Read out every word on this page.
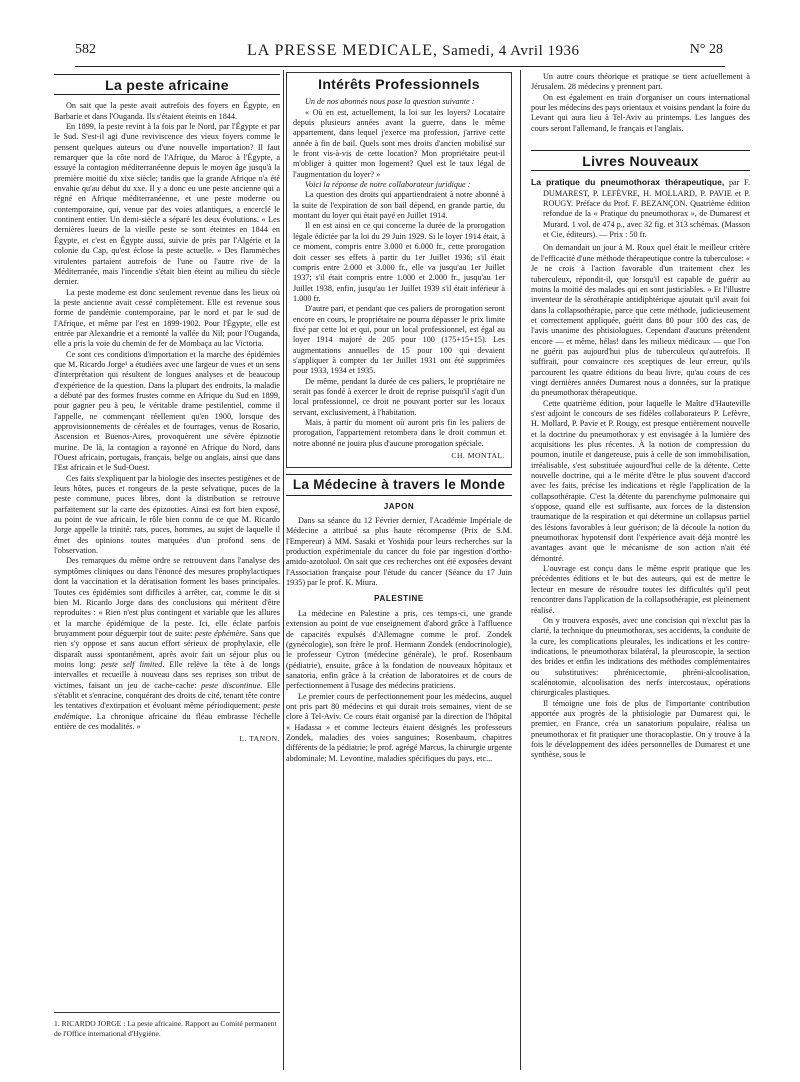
582	LA PRESSE MEDICALE, Samedi, 4 Avril 1936	N° 28
La peste africaine

On sait que la peste avait autrefois des foyers en Égypte, en Barbarie et dans l'Ouganda. Ils s'étaient éteints en 1844.

En 1899, la peste revint à la fois par le Nord, par l'Égypte et par le Sud. S'est-il agi d'une reviviscence des vieux foyers comme le pensent quelques auteurs ou d'une nouvelle importation? Il faut remarquer que la côte nord de l'Afrique, du Maroc à l'Égypte, a essuyé la contagion méditerranéenne depuis le moyen âge jusqu'à la première moitié du xixe siècle; tandis que la grande Afrique n'a été envahie qu'au début du xxe. Il y a donc eu une peste ancienne qui a régné en Afrique méditerranéenne, et une peste moderne ou contemporaine, qui, venue par des voies atlantiques, a encerclé le continent entier. Un demi-siècle a séparé les deux évolutions. « Les dernières lueurs de la vieille peste se sont éteintes en 1844 en Égypte, et c'est en Égypte aussi, suivie de près par l'Algérie et la colonie du Cap, qu'est éclose la peste actuelle. » Des flammèches virulentes partaient autrefois de l'une ou l'autre rive de la Méditerranée, mais l'incendie s'était bien éteint au milieu du siècle dernier.

La peste moderne est donc seulement revenue dans les lieux où la peste ancienne avait cessé complètement. Elle est revenue sous forme de pandémie contemporaine, par le nord et par le sud de l'Afrique, et même par l'est en 1899-1902. Pour l'Égypte, elle est entrée par Alexandrie et a remonté la vallée du Nil; pour l'Ouganda, elle a pris la voie du chemin de fer de Mombaça au lac Victoria.

Ce sont ces conditions d'importation et la marche des épidémies que M. Ricardo Jorge¹ a étudiées avec une largeur de vues et un sens d'interprétation qui résultent de longues analyses et de beaucoup d'expérience de la question. Dans la plupart des endroits, la maladie a débuté par des formes frustes comme en Afrique du Sud en 1899, pour gagner peu à peu, le véritable drame pestilentiel, comme il l'appelle, ne commençant réellement qu'en 1900, lorsque des approvisionnements de céréales et de fourrages, venus de Rosario, Ascension et Buenos-Aires, provoquèrent une sévère épizootie murine. De là, la contagion a rayonné en Afrique du Nord, dans l'Ouest africain, portugais, français, belge ou anglais, ainsi que dans l'Est africain et le Sud-Ouest.

Ces faits s'expliquent par la biologie des insectes pestigènes et de leurs hôtes, puces et rongeurs de la peste selvatique, puces de la peste commune, puces libres, dont la distribution se retrouve parfaitement sur la carte des épizooties. Ainsi est fort bien exposé, au point de vue africain, le rôle bien connu de ce que M. Ricardo Jorge appelle la trinité: rats, puces, hommes, au sujet de laquelle il émet des opinions toutes marquées d'un profond sens de l'observation.

Des remarques du même ordre se retrouvent dans l'analyse des symptômes cliniques ou dans l'énoncé des mesures prophylactiques dont la vaccination et la dératisation forment les bases principales. Toutes ces épidémies sont difficiles à arrêter, car, comme le dit si bien M. Ricardo Jorge dans des conclusions qui méritent d'être reproduites : « Rien n'est plus contingent et variable que les allures et la marche épidémique de la peste. Ici, elle éclate parfois bruyamment pour déguerpir tout de suite: peste éphémère. Sans que rien s'y oppose et sans aucun effort sérieux de prophylaxie, elle disparaît aussi spontanément, après avoir fait un séjour plus ou moins long: peste self limited. Elle relève la tête à de longs intervalles et recueille à nouveau dans ses reprises son tribut de victimes, faisant un jeu de cache-cache: peste discontinue. Elle s'établit et s'enracine, conquérant des droits de cité, tenant tête contre les tentatives d'extirpation et évoluant même périodiquement: peste endémique. La chronique africaine du fléau embrasse l'échelle entière de ces modalités. »

L. TANON.
1. RICARDO JORGE : La peste africaine. Rapport au Comité permanent de l'Office international d'Hygiène.
Intérêts Professionnels

Un de nos abonnés nous pose la question suivante :

« Où en est, actuellement, la loi sur les loyers? Locataire depuis plusieurs années avant la guerre, dans le même appartement, dans lequel j'exerce ma profession, j'arrive cette année à fin de bail. Quels sont mes droits d'ancien mobilisé sur le front vis-à-vis de cette location? Mon propriétaire peut-il m'obliger à quitter mon logement? Quel est le taux légal de l'augmentation du loyer? »

Voici la réponse de notre collaborateur juridique :

La question des droits qui appartiendraient à notre abonné à la suite de l'expiration de son bail dépend, en grande partie, du montant du loyer qui était payé en Juillet 1914.

Il en est ainsi en ce qui concerne la durée de la prorogation légale édictée par la loi du 29 Juin 1929. Si le loyer 1914 était, à ce moment, compris entre 3.000 et 6.000 fr., cette prorogation doit cesser ses effets à partir du 1er Juillet 1936; s'il était compris entre 2.000 et 3.000 fr., elle va jusqu'au 1er Juillet 1937; s'il était compris entre 1.000 et 2.000 fr., jusqu'au 1er Juillet 1938, enfin, jusqu'au 1er Juillet 1939 s'il était inférieur à 1.000 fr.

D'autre part, et pendant que ces paliers de prorogation seront encore en cours, le propriétaire ne pourra dépasser le prix limite fixé par cette loi et qui, pour un local professionnel, est égal au loyer 1914 majoré de 205 pour 100 (175+15+15). Les augmentations annuelles de 15 pour 100 qui devaient s'appliquer à compter du 1er Juillet 1931 ont été supprimées pour 1933, 1934 et 1935.

De même, pendant la durée de ces paliers, le propriétaire ne serait pas fondé à exercer le droit de reprise puisqu'il s'agit d'un local professionnel, ce droit ne pouvant porter sur les locaux servant, exclusivement, à l'habitation.

Mais, à partir du moment où auront pris fin les paliers de prorogation, l'appartement retombera dans le droit commun et notre abonné ne jouira plus d'aucune prorogation spéciale.

CH. MONTAL.
La Médecine à travers le Monde
JAPON

Dans sa séance du 12 Février dernier, l'Académie Impériale de Médecine a attribué sa plus haute récompense (Prix de S.M. l'Empereur) à MM. Sasaki et Yoshida pour leurs recherches sur la production expérimentale du cancer du foie par ingestion d'ortho-amido-azotoluol. On sait que ces recherches ont été exposées devant l'Association française pour l'étude du cancer (Séance du 17 Juin 1935) par le prof. K. Miura.

PALESTINE

La médecine en Palestine a pris, ces temps-ci, une grande extension au point de vue enseignement d'abord grâce à l'affluence de capacités expulsés d'Allemagne comme le prof. Zondek (gynécologie), son frère le prof. Hermann Zondek (endocrinologie), le professeur Cytron (médecine générale), le prof. Rosenbaum (pédiatrie), ensuite, grâce à la fondation de nouveaux hôpitaux et sanatoria, enfin grâce à la création de laboratoires et de cours de perfectionnement à l'usage des médecins praticiens.

Le premier cours de perfectionnement pour les médecins, auquel ont pris part 80 médecins et qui durait trois semaines, vient de se clore à Tel-Aviv. Ce cours était organisé par la direction de l'hôpital « Hadassa » et comme lecteurs étaient désignés les professeurs Zondek, maladies des voies sanguines; Rosenbaum, chapitres différents de la pédiatrie; le prof. agrégé Marcus, la chirurgie urgente abdominale; M. Levontine, maladies spécifiques du pays, etc...

Un autre cours théorique et pratique se tient actuellement à Jérusalem. 28 médecins y prennent part.

On est également en train d'organiser un cours international pour les médecins des pays orientaux et voisins pendant la foire du Levant qui aura lieu à Tel-Aviv au printemps. Les langues des cours seront l'allemand, le français et l'anglais.

Livres Nouveaux

La pratique du pneumothorax thérapeutique, par F. DUMAREST, P. LEFÈVRE, H. MOLLARD, P. PAVIE et P. ROUGY. Préface du Prof. F. BEZANÇON. Quatrième édition refondue de la « Pratique du pneumothorax », de Dumarest et Murard. 1 vol. de 474 p., avec 32 fig. et 313 schémas. (Masson et Cie, éditeurs). — Prix : 50 fr.

On demandait un jour à M. Roux quel était le meilleur critère de l'efficacité d'une méthode thérapeutique contre la tuberculose: « Je ne crois à l'action favorable d'un traitement chez les tuberculeux, répondit-il, que lorsqu'il est capable de guérir au moins la moitié des malades qui en sont justiciables. » Et l'illustre inventeur de la sérothérapie antidiphtérique ajoutait qu'il avait foi dans la collapsothérapie, parce que cette méthode, judicieusement et correctement appliquée, guérit dans 80 pour 100 des cas, de l'avis unanime des phtisiologues. Cependant d'aucuns prétendent encore — et même, hélas! dans les milieux médicaux — que l'on ne guérit pas aujourd'hui plus de tuberculeux qu'autrefois. Il suffirait, pour convaincre ces sceptiques de leur erreur, qu'ils parcourent les quatre éditions du beau livre, qu'au cours de ces vingt dernières années Dumarest nous a données, sur la pratique du pneumothorax thérapeutique.

Cette quatrième édition, pour laquelle le Maître d'Hauteville s'est adjoint le concours de ses fidèles collaborateurs P. Lefèvre, H. Mollard, P. Pavie et P. Rougy, est presque entièrement nouvelle et la doctrine du pneumothorax y est envisagée à la lumière des acquisitions les plus récentes. À la notion de compression du poumon, inutile et dangereuse, puis à celle de son immobilisation, irréalisable, s'est substituée aujourd'hui celle de la détente. Cette nouvelle doctrine, qui a le mérite d'être le plus souvent d'accord avec les faits, précise les indications et règle l'application de la collapsothérapie. C'est la détente du parenchyme pulmonaire qui s'oppose, quand elle est suffisante, aux forces de la distension traumatique de la respiration et qui détermine un collapsus partiel des lésions favorables à leur guérison; de là découle la notion du pneumothorax hypotensif dont l'expérience avait déjà montré les avantages avant que le mécanisme de son action n'ait été démontré.

L'ouvrage est conçu dans le même esprit pratique que les précédentes éditions et le but des auteurs, qui est de mettre le lecteur en mesure de résoudre toutes les difficultés qu'il peut rencontrer dans l'application de la collapsothérapie, est pleinement réalisé.

On y trouvera exposés, avec une concision qui n'exclut pas la clarté, la technique du pneumothorax, ses accidents, la conduite de la cure, les complications pleurales, les indications et les contre-indications, le pneumothorax bilatéral, la pleuroscopie, la section des brides et enfin les indications des méthodes complémentaires ou substitutives: phrénicectomie, phréni-alcoolisation, scalénotomie, alcoolisation des nerfs intercostaux, opérations chirurgicales plastiques.

Il témoigne une fois de plus de l'importante contribution apportée aux progrès de la phtisiologie par Dumarest qui, le premier, en France, créa un sanatorium populaire, réalisa un pneumothorax et fit pratiquer une thoracoplastie. On y trouve à la fois le développement des idées personnelles de Dumarest et une synthèse, sous le
